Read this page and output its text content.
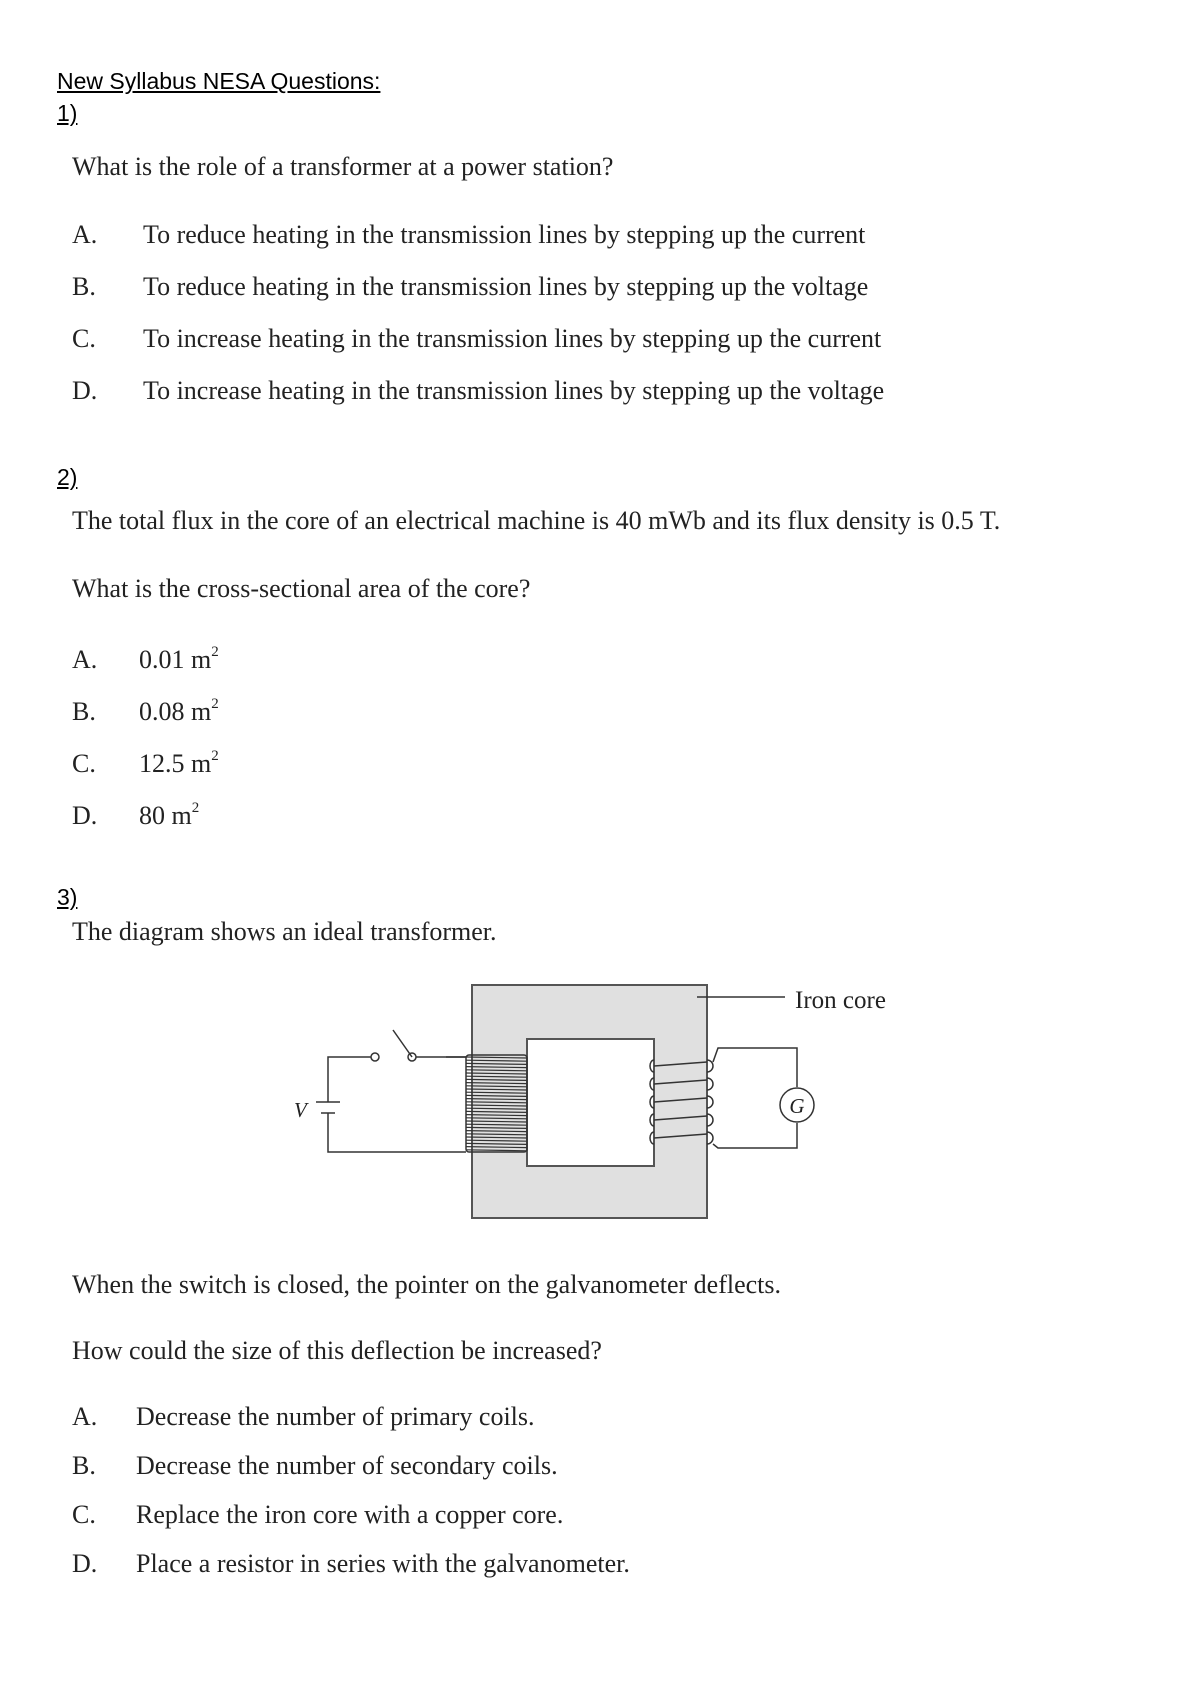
New Syllabus NESA Questions:
1)
What is the role of a transformer at a power station?
A. To reduce heating in the transmission lines by stepping up the current
B. To reduce heating in the transmission lines by stepping up the voltage
C. To increase heating in the transmission lines by stepping up the current
D. To increase heating in the transmission lines by stepping up the voltage
2)
The total flux in the core of an electrical machine is 40 mWb and its flux density is 0.5 T.
What is the cross-sectional area of the core?
A. 0.01 $m^2$
B. 0.08 $m^2$
C. 12.5 $m^2$
D. 80 $m^2$
3)
The diagram shows an ideal transformer.
Iron core
V	G
When the switch is closed, the pointer on the galvanometer deflects.
How could the size of this deflection be increased?
A. Decrease the number of primary coils.
B. Decrease the number of secondary coils.
C. Replace the iron core with a copper core.
D. Place a resistor in series with the galvanometer.
